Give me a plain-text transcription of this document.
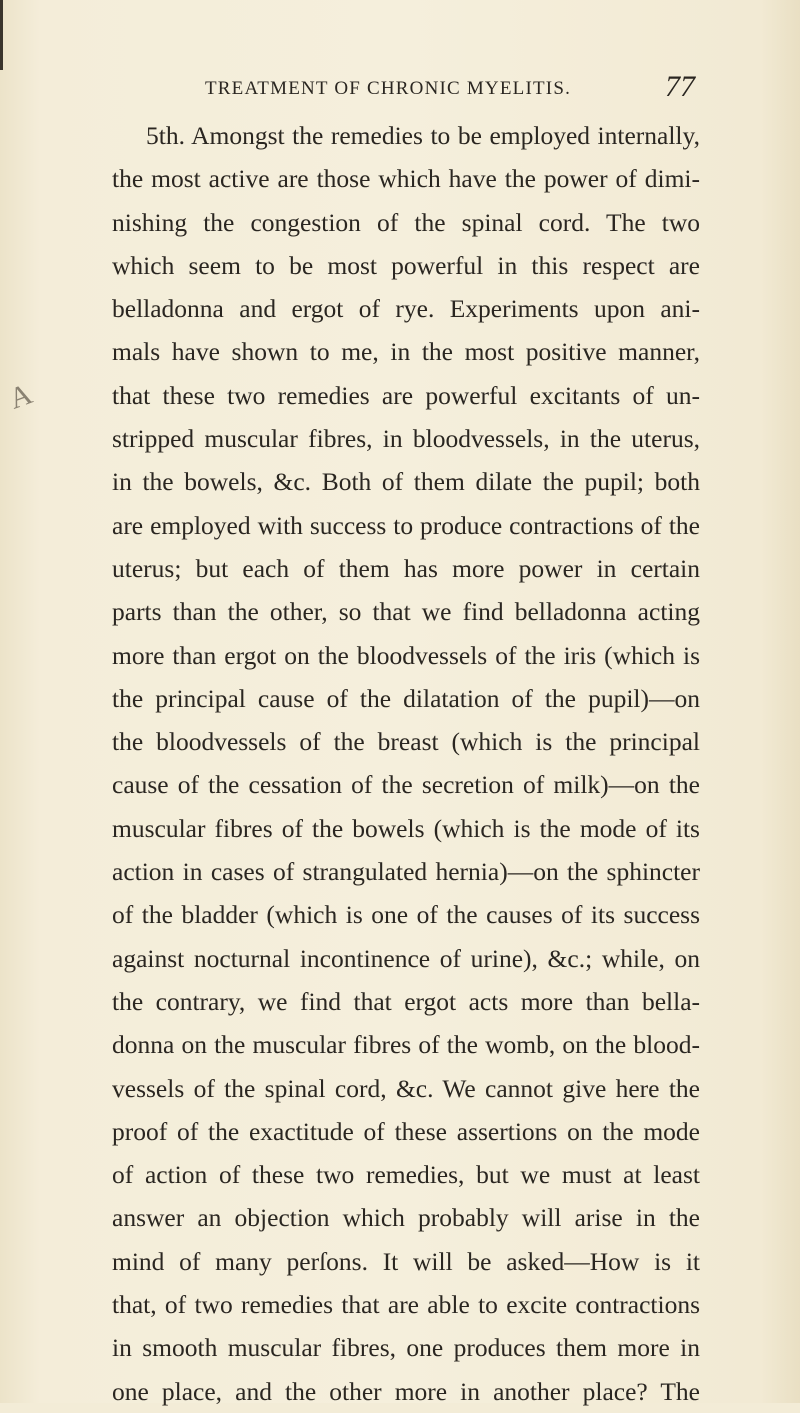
TREATMENT OF CHRONIC MYELITIS.	77
A
5th. Amongst the remedies to be employed internally,
the most active are those which have the power of dimi-
nishing the congestion of the spinal cord. The two
which seem to be most powerful in this respect are
belladonna and ergot of rye. Experiments upon ani-
mals have shown to me, in the most positive manner,
that these two remedies are powerful excitants of un-
stripped muscular fibres, in bloodvessels, in the uterus,
in the bowels, &c. Both of them dilate the pupil; both
are employed with success to produce contractions of the
uterus; but each of them has more power in certain
parts than the other, so that we find belladonna acting
more than ergot on the bloodvessels of the iris (which is
the principal cause of the dilatation of the pupil)—on
the bloodvessels of the breast (which is the principal
cause of the cessation of the secretion of milk)—on the
muscular fibres of the bowels (which is the mode of its
action in cases of strangulated hernia)—on the sphincter
of the bladder (which is one of the causes of its success
against nocturnal incontinence of urine), &c.; while, on
the contrary, we find that ergot acts more than bella-
donna on the muscular fibres of the womb, on the blood-
vessels of the spinal cord, &c. We cannot give here the
proof of the exactitude of these assertions on the mode
of action of these two remedies, but we must at least
answer an objection which probably will arise in the
mind of many perſons. It will be asked—How is it
that, of two remedies that are able to excite contractions
in smooth muscular fibres, one produces them more in
one place, and the other more in another place? The
